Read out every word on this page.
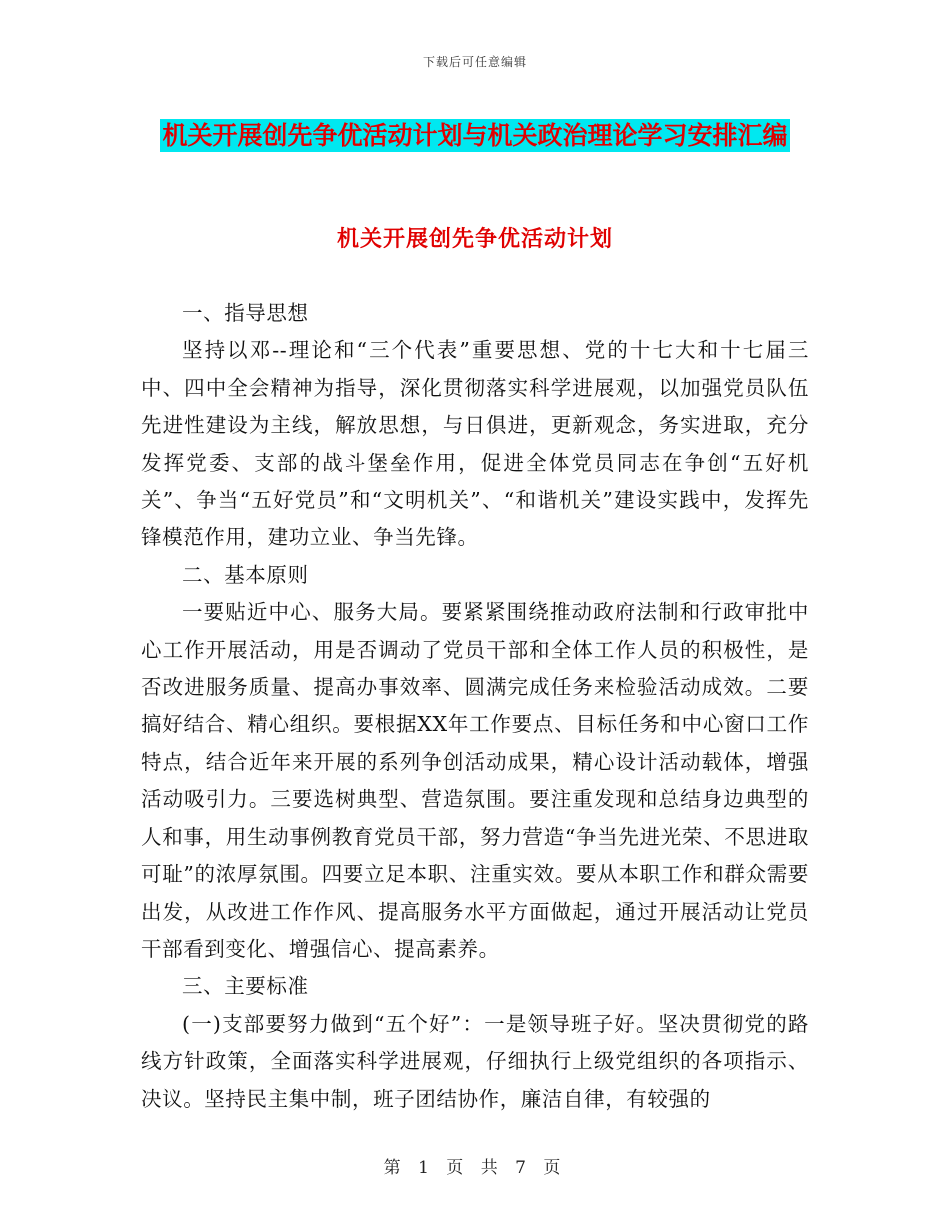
下载后可任意编辑
机关开展创先争优活动计划与机关政治理论学习安排汇编
机关开展创先争优活动计划

一、指导思想

坚持以邓--理论和“三个代表”重要思想、党的十七大和十七届三中、四中全会精神为指导，深化贯彻落实科学进展观，以加强党员队伍先进性建设为主线，解放思想，与日俱进，更新观念，务实进取，充分发挥党委、支部的战斗堡垒作用，促进全体党员同志在争创“五好机关”、争当“五好党员”和“文明机关”、“和谐机关”建设实践中，发挥先锋模范作用，建功立业、争当先锋。

二、基本原则

一要贴近中心、服务大局。要紧紧围绕推动政府法制和行政审批中心工作开展活动，用是否调动了党员干部和全体工作人员的积极性，是否改进服务质量、提高办事效率、圆满完成任务来检验活动成效。二要搞好结合、精心组织。要根据XX年工作要点、目标任务和中心窗口工作特点，结合近年来开展的系列争创活动成果，精心设计活动载体，增强活动吸引力。三要选树典型、营造氛围。要注重发现和总结身边典型的人和事，用生动事例教育党员干部，努力营造“争当先进光荣、不思进取可耻”的浓厚氛围。四要立足本职、注重实效。要从本职工作和群众需要出发，从改进工作作风、提高服务水平方面做起，通过开展活动让党员干部看到变化、增强信心、提高素养。

三、主要标准

(一)支部要努力做到“五个好”：一是领导班子好。坚决贯彻党的路线方针政策，全面落实科学进展观，仔细执行上级党组织的各项指示、决议。坚持民主集中制，班子团结协作，廉洁自律，有较强的

第 1 页 共 7 页
